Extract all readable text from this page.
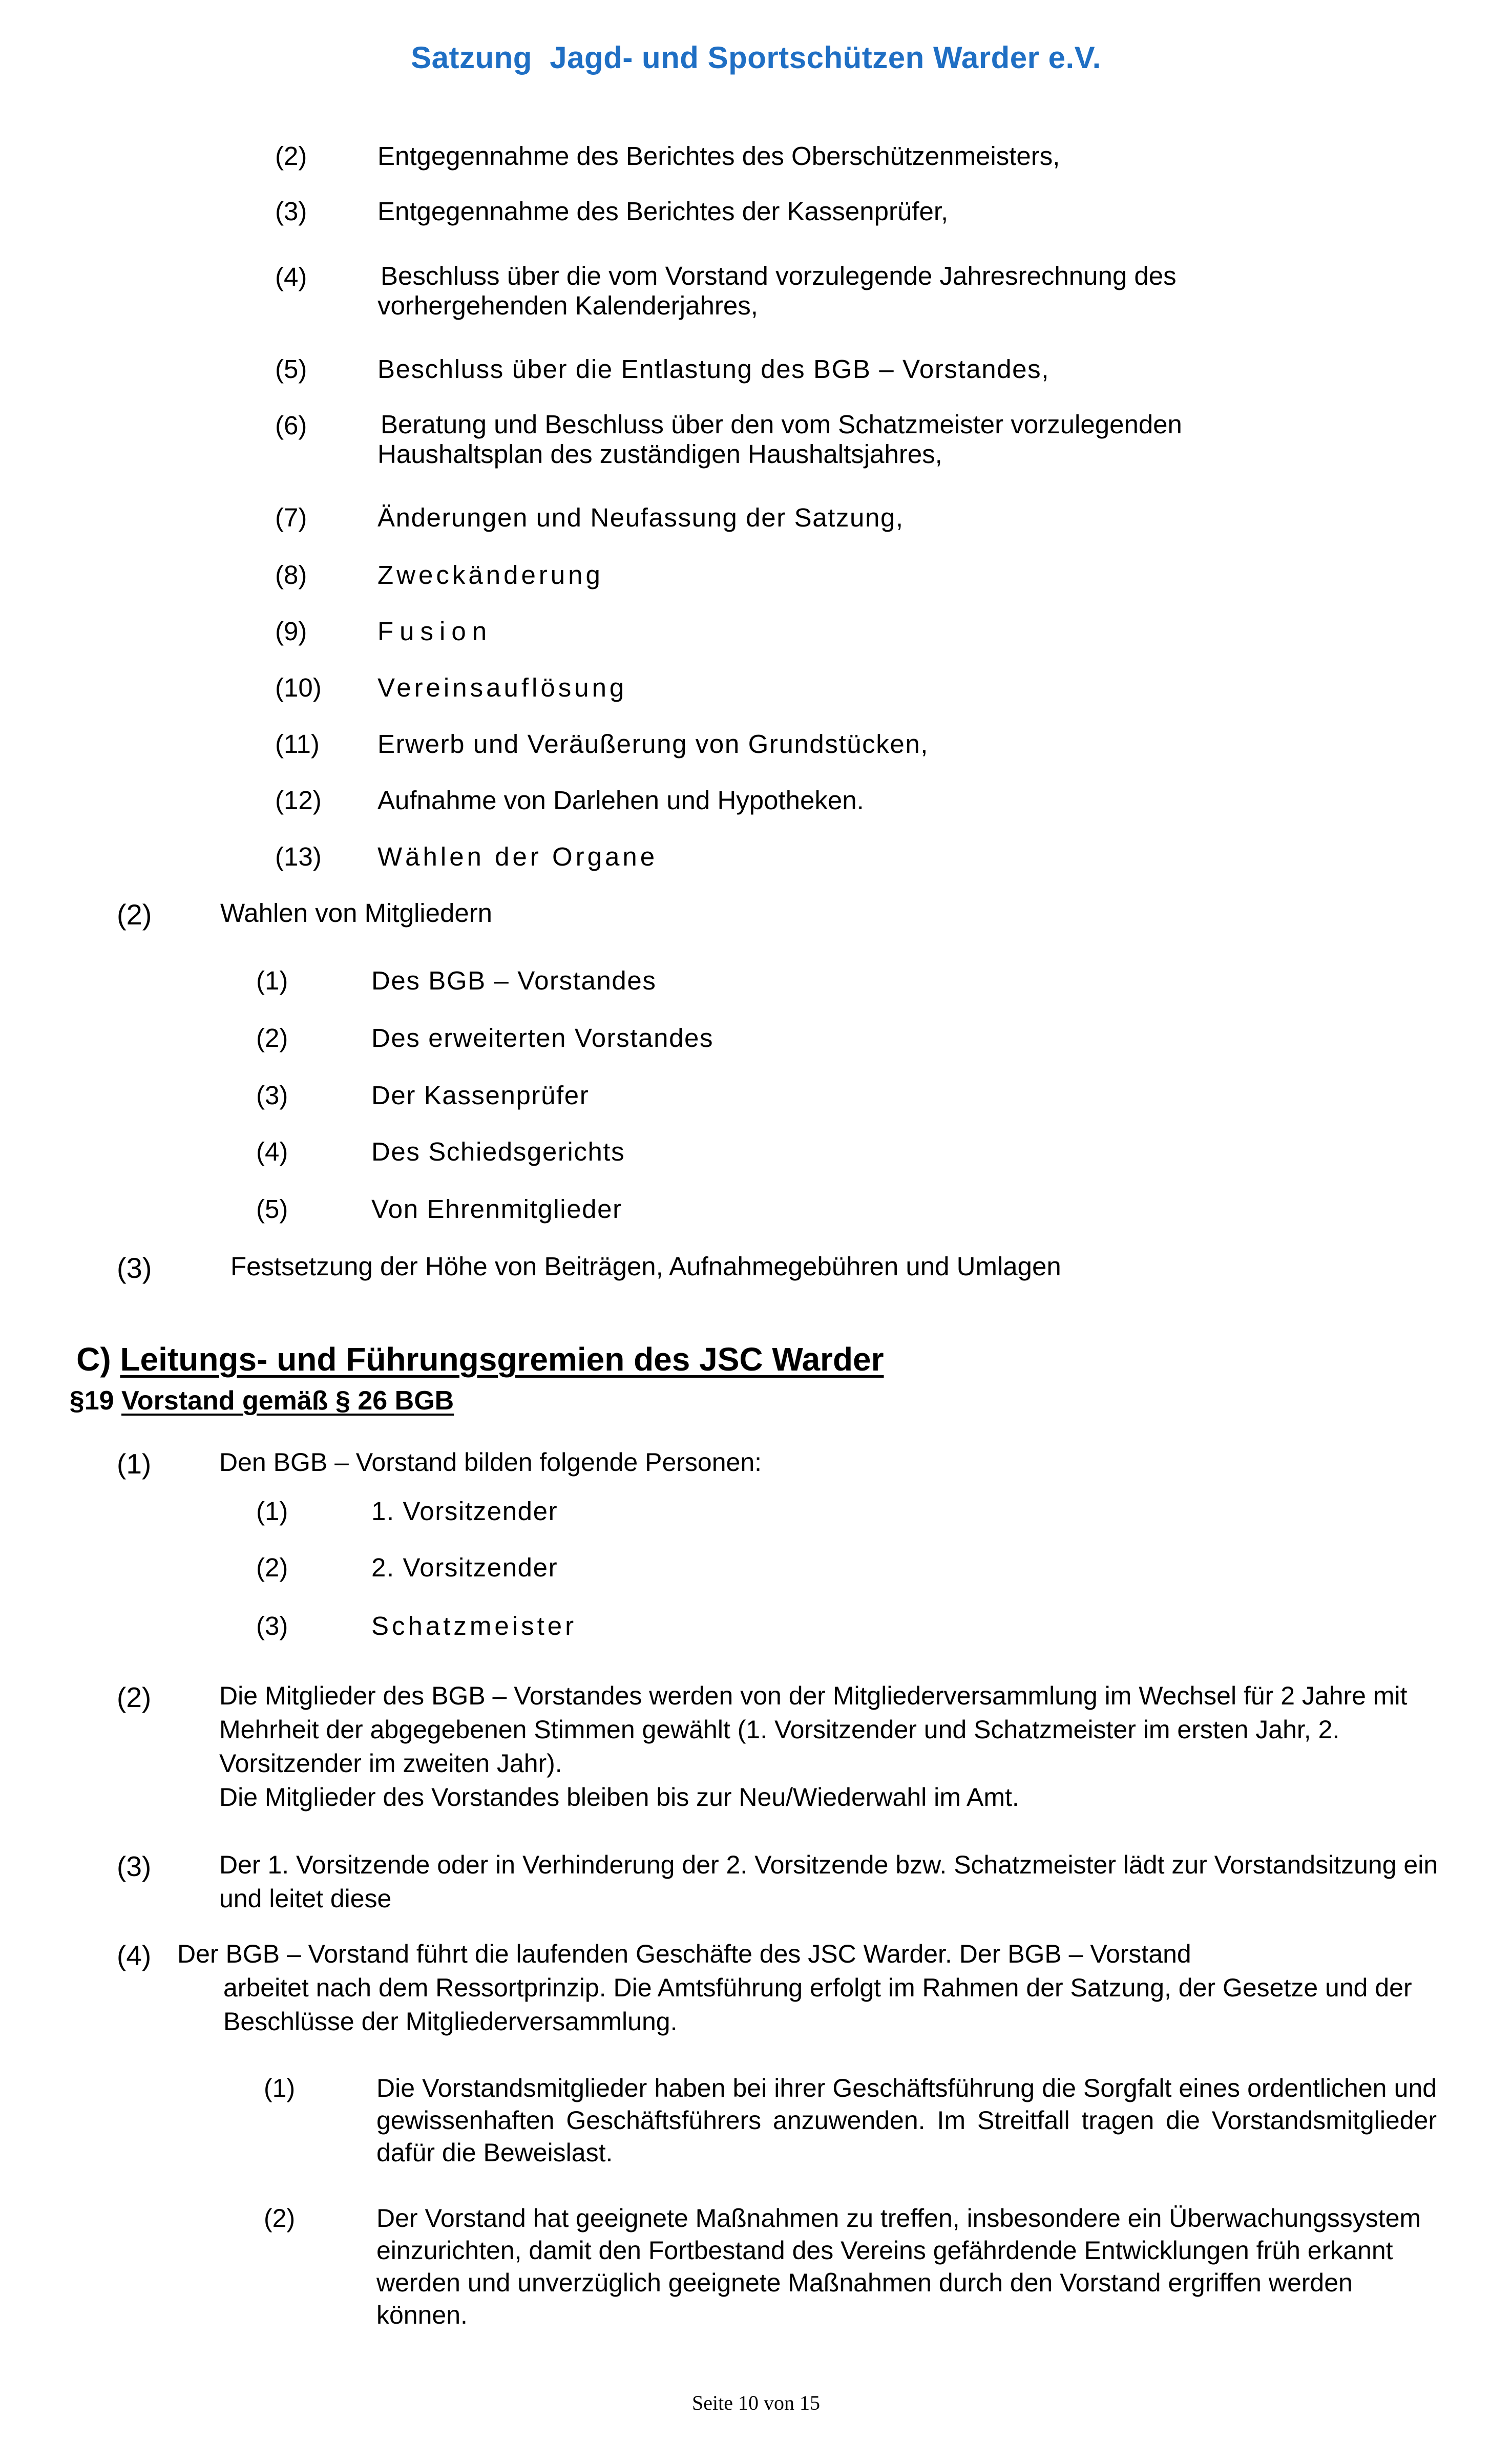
Satzung  Jagd- und Sportschützen Warder e.V.
(2)	Entgegennahme des Berichtes des Oberschützenmeisters,
(3)	Entgegennahme des Berichtes der Kassenprüfer,
(4)	Beschluss über die vom Vorstand vorzulegende Jahresrechnung des vorhergehenden Kalenderjahres,
(5)	Beschluss über die Entlastung des BGB – Vorstandes,
(6)	Beratung und Beschluss über den vom Schatzmeister vorzulegenden Haushaltsplan des zuständigen Haushaltsjahres,
(7)	Änderungen und Neufassung der Satzung,
(8)	Zweckänderung
(9)	Fusion
(10) Vereinsauflösung
(11) Erwerb und Veräußerung von Grundstücken,
(12) Aufnahme von Darlehen und Hypotheken.
(13) Wählen der Organe
(2)	Wahlen von Mitgliedern
(1)	Des BGB – Vorstandes
(2)	Des erweiterten Vorstandes
(3)	Der Kassenprüfer
(4)	Des Schiedsgerichts
(5)	Von Ehrenmitglieder
(3)	Festsetzung der Höhe von Beiträgen, Aufnahmegebühren und Umlagen

C) Leitungs- und Führungsgremien des JSC Warder

§19 Vorstand gemäß § 26 BGB

(1)	Den BGB – Vorstand bilden folgende Personen:
(1)	1. Vorsitzender
(2)	2. Vorsitzender
(3)	Schatzmeister
(2)	Die Mitglieder des BGB – Vorstandes werden von der Mitgliederversammlung im Wechsel für 2 Jahre mit Mehrheit der abgegebenen Stimmen gewählt (1. Vorsitzender und Schatzmeister im ersten Jahr, 2. Vorsitzender im zweiten Jahr).
Die Mitglieder des Vorstandes bleiben bis zur Neu/Wiederwahl im Amt.
(3)	Der 1. Vorsitzende oder in Verhinderung der 2. Vorsitzende bzw. Schatzmeister lädt zur Vorstandsitzung ein und leitet diese
(4) Der BGB – Vorstand führt die laufenden Geschäfte des JSC Warder. Der BGB – Vorstand
arbeitet nach dem Ressortprinzip. Die Amtsführung erfolgt im Rahmen der Satzung, der Gesetze und der Beschlüsse der Mitgliederversammlung.
(1)	Die Vorstandsmitglieder haben bei ihrer Geschäftsführung die Sorgfalt eines ordentlichen und gewissenhaften Geschäftsführers anzuwenden. Im Streitfall tragen die Vorstandsmitglieder dafür die Beweislast.
(2)	Der Vorstand hat geeignete Maßnahmen zu treffen, insbesondere ein Überwachungssystem einzurichten, damit den Fortbestand des Vereins gefährdende Entwicklungen früh erkannt werden und unverzüglich geeignete Maßnahmen durch den Vorstand ergriffen werden können.
Seite 10 von 15
